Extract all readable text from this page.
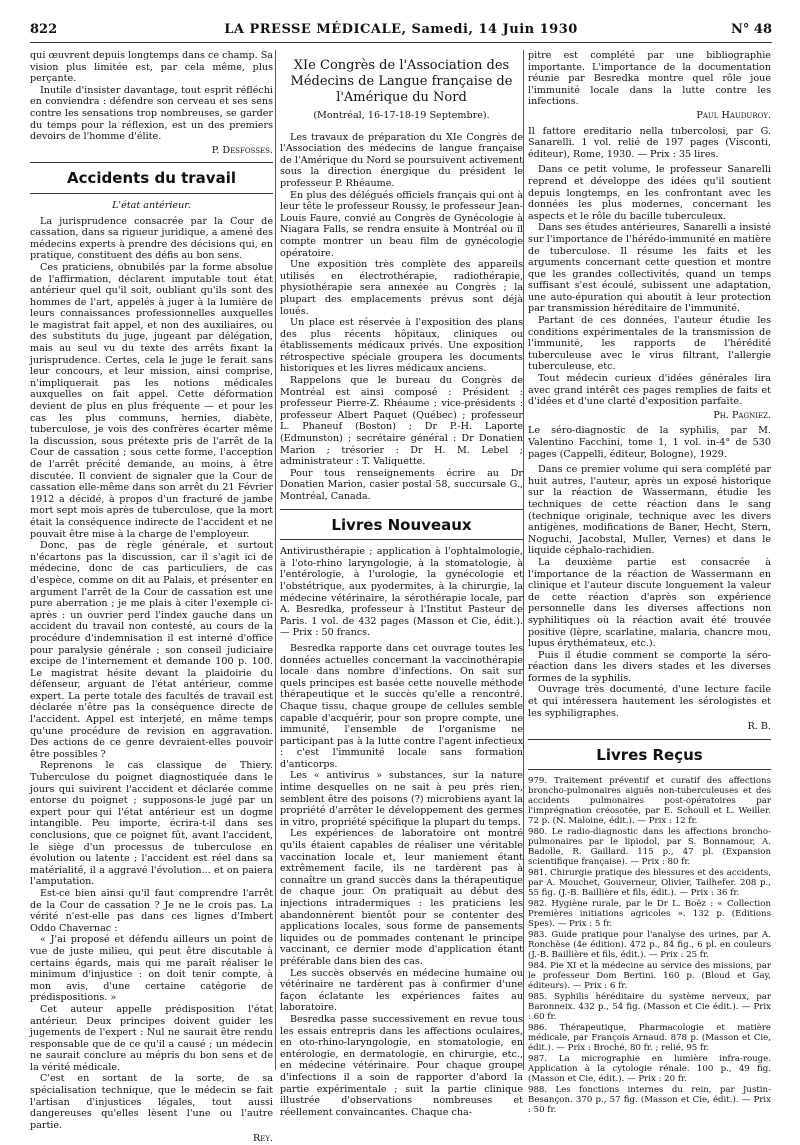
822	LA PRESSE MÉDICALE, Samedi, 14 Juin 1930	N° 48

qui œuvrent depuis longtemps dans ce champ. Sa vision plus limitée est, par cela même, plus perçante.

Inutile d'insister davantage, tout esprit réfléchi en conviendra : défendre son cerveau et ses sens contre les sensations trop nombreuses, se garder du temps pour la réflexion, est un des premiers devoirs de l'homme d'élite.

P. Desfosses.
Accidents du travail
L'état antérieur.

La jurisprudence consacrée par la Cour de cassation, dans sa rigueur juridique, a amené des médecins experts à prendre des décisions qui, en pratique, constituent des défis au bon sens.

Ces praticiens, obnubilés par la forme absolue de l'affirmation, déclarent imputable tout état antérieur quel qu'il soit, oubliant qu'ils sont des hommes de l'art, appelés à juger à la lumière de leurs connaissances professionnelles auxquelles le magistrat fait appel, et non des auxiliaires, ou des substituts du juge, jugeant par délégation, mais au seul vu du texte des arrêts fixant la jurisprudence. Certes, cela le juge le ferait sans leur concours, et leur mission, ainsi comprise, n'impliquerait pas les notions médicales auxquelles on fait appel. Cette déformation devient de plus en plus fréquente — et pour les cas les plus communs, hernies, diabète, tuberculose, je vois des confrères écarter même la discussion, sous prétexte pris de l'arrêt de la Cour de cassation ; sous cette forme, l'acception de l'arrêt précité demande, au moins, à être discutée. Il convient de signaler que la Cour de cassation elle-même dans son arrêt du 21 Février 1912 a décidé, à propos d'un fracturé de jambe mort sept mois après de tuberculose, que la mort était la conséquence indirecte de l'accident et ne pouvait être mise à la charge de l'employeur.

Donc, pas de règle générale, et surtout n'écartons pas la discussion, car il s'agit ici de médecine, donc de cas particuliers, de cas d'espèce, comme on dit au Palais, et présenter en argument l'arrêt de la Cour de cassation est une pure aberration ; je me plais à citer l'exemple ci-après : un ouvrier perd l'index gauche dans un accident du travail non contesté, au cours de la procédure d'indemnisation il est interné d'office pour paralysie générale ; son conseil judiciaire excipe de l'internement et demande 100 p. 100. Le magistrat hésite devant la plaidoirie du défenseur, arguant de l'état antérieur, comme expert. La perte totale des facultés de travail est déclarée n'être pas la conséquence directe de l'accident. Appel est interjeté, en même temps qu'une procédure de revision en aggravation. Des actions de ce genre devraient-elles pouvoir être possibles ?

Reprenons le cas classique de Thiery. Tuberculose du poignet diagnostiquée dans le jours qui suivirent l'accident et déclarée comme entorse du poignet ; supposons-le jugé par un expert pour qui l'état antérieur est un dogme intangible. Peu importe, écrira-t-il dans ses conclusions, que ce poignet fût, avant l'accident, le siège d'un processus de tuberculose en évolution ou latente ; l'accident est réel dans sa matérialité, il a aggravé l'évolution... et on paiera l'amputation.

Est-ce bien ainsi qu'il faut comprendre l'arrêt de la Cour de cassation ? Je ne le crois pas. La vérité n'est-elle pas dans ces lignes d'Imbert Oddo Chavernac :

« J'ai proposé et défendu ailleurs un point de vue de juste milieu, qui peut être discutable à certains égards, mais qui me paraît réaliser le minimum d'injustice : on doit tenir compte, à mon avis, d'une certaine catégorie de prédispositions. »

Cet auteur appelle prédisposition l'état antérieur. Deux principes doivent guider les jugements de l'expert : Nul ne saurait être rendu responsable que de ce qu'il a causé ; un médecin ne saurait conclure au mépris du bon sens et de la vérité médicale.

C'est en sortant de la sorte, de sa spécialisation technique, que le médecin se fait l'artisan d'injustices légales, tout aussi dangereuses qu'elles lèsent l'une ou l'autre partie.

Rey.
XIe Congrès de l'Association des Médecins de Langue française de l'Amérique du Nord
(Montréal, 16-17-18-19 Septembre).

Les travaux de préparation du XIe Congrès de l'Association des médecins de langue française de l'Amérique du Nord se poursuivent activement sous la direction énergique du président le professeur P. Rhéaume.

En plus des délégués officiels français qui ont à leur tête le professeur Roussy, le professeur Jean-Louis Faure, convié au Congrès de Gynécologie à Niagara Falls, se rendra ensuite à Montréal où il compte montrer un beau film de gynécologie opératoire.

Une exposition très complète des appareils utilisés en électrothérapie, radiothérapie, physiothérapie sera annexée au Congrès ; la plupart des emplacements prévus sont déjà loués.

Un place est réservée à l'exposition des plans des plus récents hôpitaux, cliniques ou établissements médicaux privés. Une exposition rétrospective spéciale groupera les documents historiques et les livres médicaux anciens.

Rappelons que le bureau du Congrès de Montréal est ainsi composé : Président : professeur Pierre-Z. Rhéaume ; vice-présidents : professeur Albert Paquet (Québec) ; professeur L. Phaneuf (Boston) ; Dr P.-H. Laporte (Edmunston) ; secrétaire général : Dr Donatien Marion ; trésorier : Dr H. M. Lebel ; administrateur : T. Valiquette.

Pour tous renseignements écrire au Dr Donatien Marion, casier postal 58, succursale G., Montréal, Canada.

Livres Nouveaux

Antivirusthérapie ; application à l'ophtalmologie, à l'oto-rhino laryngologie, à la stomatologie, à l'entérologie, à l'urologie, la gynécologie et l'obstétrique, aux pyodermites, à la chirurgie, la médecine vétérinaire, la sérothérapie locale, par A. Besredka, professeur à l'Institut Pasteur de Paris. 1 vol. de 432 pages (Masson et Cie, édit.). — Prix : 50 francs.

Besredka rapporte dans cet ouvrage toutes les données actuelles concernant la vaccinothérapie locale dans nombre d'infections. On sait sur quels principes est basée cette nouvelle méthode thérapeutique et le succès qu'elle a rencontré. Chaque tissu, chaque groupe de cellules semble capable d'acquérir, pour son propre compte, une immunité, l'ensemble de l'organisme ne participant pas à la lutte contre l'agent infectieux : c'est l'immunité locale sans formation d'anticorps.

Les « antivirus » substances, sur la nature intime desquelles on ne sait à peu près rien, semblent être des poisons (?) microbiens ayant la propriété d'arrêter le développement des germes in vitro, propriété spécifique la plupart du temps.

Les expériences de laboratoire ont montré qu'ils étaient capables de réaliser une véritable vaccination locale et, leur maniement étant extrêmement facile, ils ne tardèrent pas à connaître un grand succès dans la thérapeutique de chaque jour. On pratiquait au début des injections intradermiques : les praticiens les abandonnèrent bientôt pour se contenter des applications locales, sous forme de pansements liquides ou de pommades contenant le principe vaccinant, ce dernier mode d'application étant préférable dans bien des cas.

Les succès observés en médecine humaine ou vétérinaire ne tardèrent pas à confirmer d'une façon éclatante les expériences faites au laboratoire.

Besredka passe successivement en revue tous les essais entrepris dans les affections oculaires, en oto-rhino-laryngologie, en stomatologie, en entérologie, en dermatologie, en chirurgie, etc., en médecine vétérinaire. Pour chaque groupe d'infections il a soin de rapporter d'abord la partie expérimentale ; suit la partie clinique illustrée d'observations nombreuses et réellement convaincantes. Chaque cha-

pitre est complété par une bibliographie importante. L'importance de la documentation réunie par Besredka montre quel rôle joue l'immunité locale dans la lutte contre les infections.

Paul Hauduroy.

Il fattore ereditario nella tubercolosi, par G. Sanarelli. 1 vol. relié de 197 pages (Visconti, éditeur), Rome, 1930. — Prix : 35 lires.

Dans ce petit volume, le professeur Sanarelli reprend et développe des idées qu'il soutient depuis longtemps, en les confrontant avec les données les plus modernes, concernant les aspects et le rôle du bacille tuberculeux.

Dans ses études antérieures, Sanarelli a insisté sur l'importance de l'hérédo-immunité en matière de tuberculose. Il résume les faits et les arguments concernant cette question et montre que les grandes collectivités, quand un temps suffisant s'est écoulé, subissent une adaptation, une auto-épuration qui aboutit à leur protection par transmission héréditaire de l'immunité.

Partant de ces données, l'auteur étudie les conditions expérimentales de la transmission de l'immunité, les rapports de l'hérédité tuberculeuse avec le virus filtrant, l'allergie tuberculeuse, etc.

Tout médecin curieux d'idées générales lira avec grand intérêt ces pages remplies de faits et d'idées et d'une clarté d'exposition parfaite.

Ph. Pagniez.

Le séro-diagnostic de la syphilis, par M. Valentino Facchini, tome 1, 1 vol. in-4° de 530 pages (Cappelli, éditeur, Bologne), 1929.

Dans ce premier volume qui sera complété par huit autres, l'auteur, après un exposé historique sur la réaction de Wassermann, étudie les techniques de cette réaction dans le sang (technique originale, technique avec les divers antigènes, modifications de Baner, Hecht, Stern, Noguchi, Jacobstal, Muller, Vernes) et dans le liquide céphalo-rachidien.

La deuxième partie est consacrée à l'importance de la réaction de Wassermann en clinique et l'auteur discute longuement la valeur de cette réaction d'après son expérience personnelle dans les diverses affections non syphilitiques où la réaction avait été trouvée positive (lèpre, scarlatine, malaria, chancre mou, lupus érythémateux, etc.).

Puis il étudie comment se comporte la séro-réaction dans les divers stades et les diverses formes de la syphilis.

Ouvrage très documenté, d'une lecture facile et qui intéressera hautement les sérologistes et les syphiligraphes.

R. B.
Livres Reçus

979. Traitement préventif et curatif des affections broncho-pulmonaires aiguës non-tuberculeuses et des accidents pulmonaires post-opératoires par l'imprégnation créosotée, par E. Schoull et L. Weiller. 72 p. (N. Maloine, édit.). — Prix : 12 fr.

980. Le radio-diagnostic dans les affections broncho-pulmonaires par le lipiodol, par S. Bonnamour, A. Badolle, R. Gaillard. 115 p., 47 pl. (Expansion scientifique française). — Prix : 80 fr.

981. Chirurgie pratique des blessures et des accidents, par A. Mouchet, Gouverneur, Olivier, Tailhefer. 208 p., 55 fig. (J.-B. Baillière et fils, édit.). — Prix : 36 fr.

982. Hygiène rurale, par le Dr L. Boëz : « Collection Premières initiations agricoles ». 132 p. (Editions Spes). — Prix : 5 fr.

983. Guide pratique pour l'analyse des urines, par A. Ronchèse (4e édition). 472 p., 84 fig., 6 pl. en couleurs (J.-B. Baillière et fils, édit.). — Prix : 25 fr.

984. Pie XI et la médecine au service des missions, par le professeur Dom Bertini. 160 p. (Bloud et Gay, éditeurs). — Prix : 6 fr.

985. Syphilis héréditaire du système nerveux, par Baronneix. 432 p., 54 fig. (Masson et Cie édit.). — Prix : 60 fr.

986. Thérapeutique, Pharmacologie et matière médicale, par François Arnaud. 878 p. (Masson et Cie, édit.). — Prix : Broché, 80 fr. ; relié, 95 fr.

987. La micrographie en lumière infra-rouge. Application à la cytologie rénale. 100 p., 49 fig. (Masson et Cie, édit.). — Prix : 20 fr.

988. Les fonctions internes du rein, par Justin-Besançon. 370 p., 57 fig. (Masson et Cie, édit.). — Prix : 50 fr.
